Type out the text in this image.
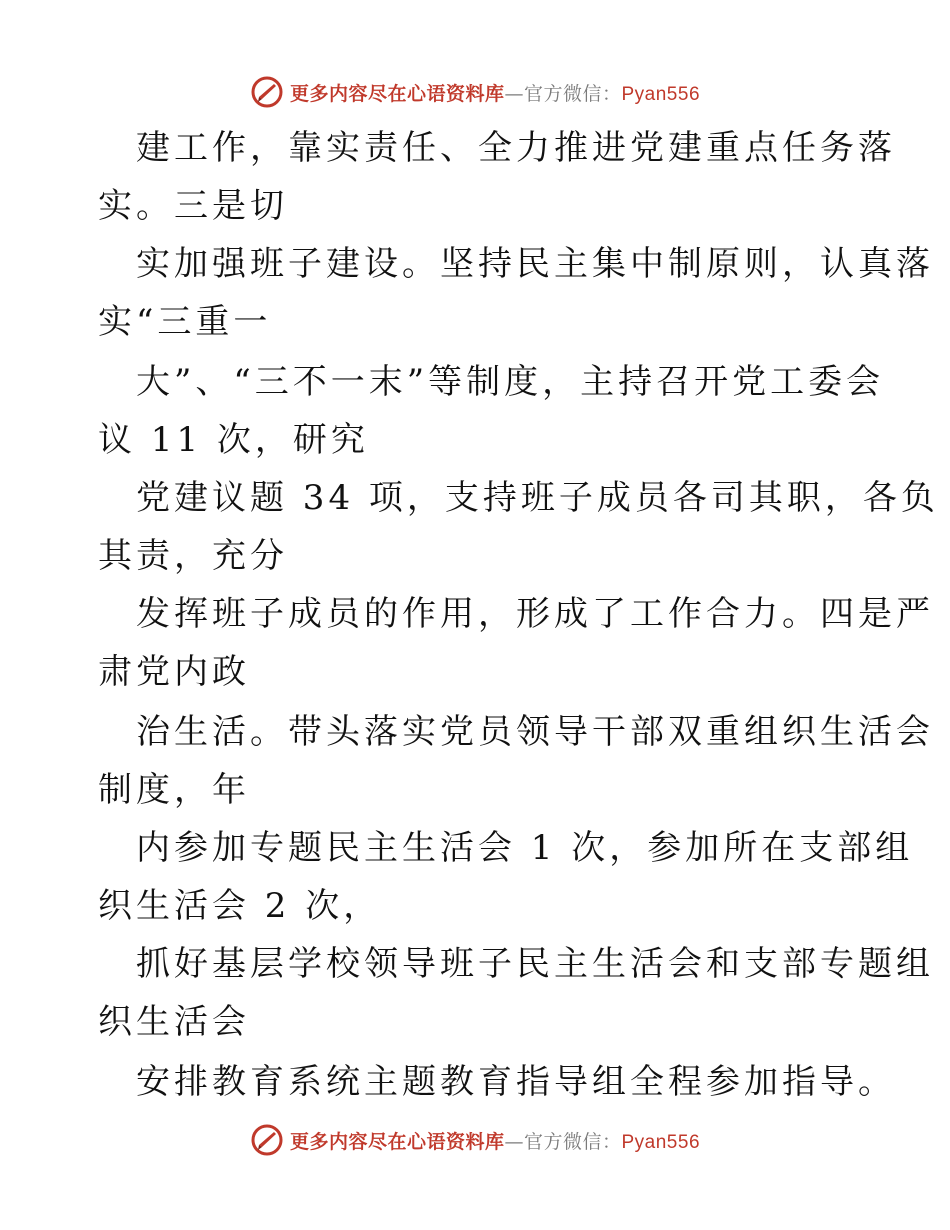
更多内容尽在心语资料库—官方微信：Pyan556
建工作，靠实责任、全力推进党建重点任务落
实。三是切
实加强班子建设。坚持民主集中制原则，认真落
实“三重一
大”、“三不一末”等制度，主持召开党工委会
议 11 次，研究
党建议题 34 项，支持班子成员各司其职，各负
其责，充分
发挥班子成员的作用，形成了工作合力。四是严
肃党内政
治生活。带头落实党员领导干部双重组织生活会
制度，年
内参加专题民主生活会 1 次，参加所在支部组
织生活会 2 次，
抓好基层学校领导班子民主生活会和支部专题组
织生活会
安排教育系统主题教育指导组全程参加指导。
更多内容尽在心语资料库—官方微信：Pyan556
